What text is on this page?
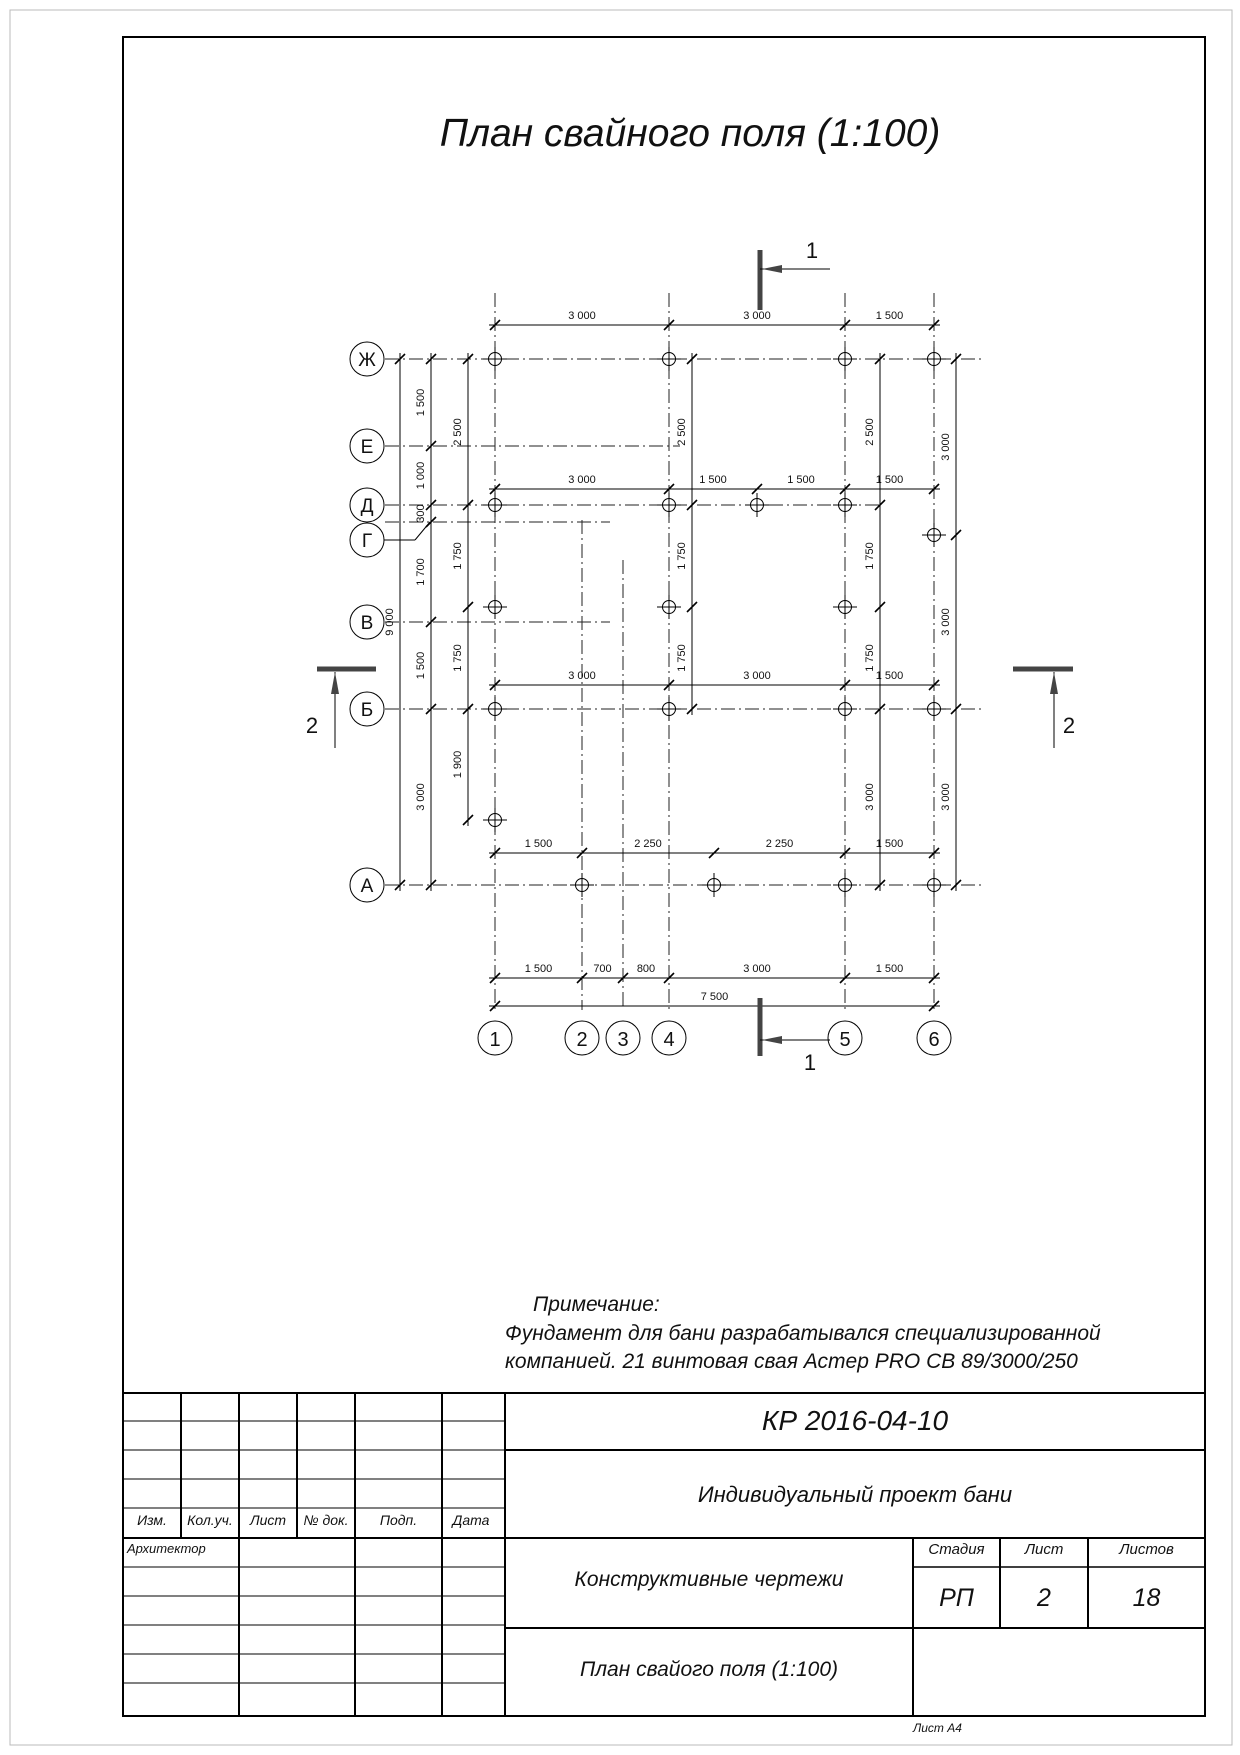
1	2 3 4	5	6
Ж
Е
Д
Г
В
Б
А
3 000	3 000	1 500
3 000	1 500	1 500	1 500
3 000	3 000	1 500
1 500	2 250	2 250	1 500
1 500	700 800	3 000	1 500
7 500
1 500
1 000
300
1 700
1 500
3 000
9 000
2 500
1 750
1 750
1 900
2 500
1 750
1 750
2 500
1 750
1 750
3 000
3 000
3 000
3 000
1
1
2	2
План свайного поля (1:100)
Примечание:
Фундамент для бани разрабатывался специализированной
компанией. 21 винтовая свая Астер PRO СВ 89/3000/250
КР 2016-04-10
Индивидуальный проект бани
Конструктивные чертежи
План свайого поля (1:100)
Изм.	Кол.уч.	Лист	№ док.	Подп.	Дата
Архитектор	Стадия	Лист	Листов
РП	2	18
Лист А4
